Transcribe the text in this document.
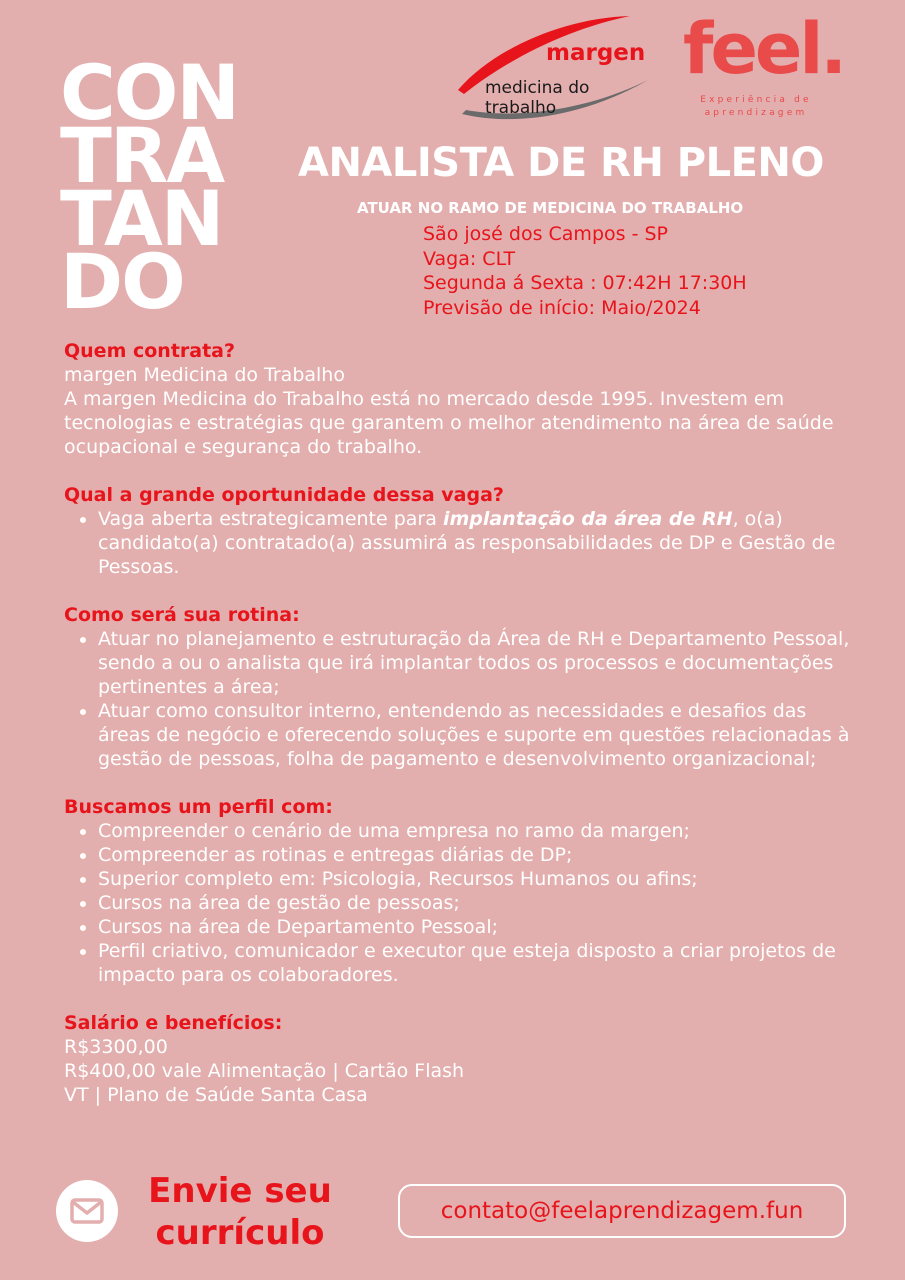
CON
TRA
TAN
DO
margen
medicina do trabalho
feel.
Experiência de aprendizagem
ANALISTA DE RH PLENO
ATUAR NO RAMO DE MEDICINA DO TRABALHO
São josé dos Campos - SP
Vaga: CLT
Segunda á Sexta : 07:42H 17:30H
Previsão de início: Maio/2024
Quem contrata?

margen Medicina do Trabalho

A margen Medicina do Trabalho está no mercado desde 1995. Investem em tecnologias e estratégias que garantem o melhor atendimento na área de saúde ocupacional e segurança do trabalho.

Qual a grande oportunidade dessa vaga?
• Vaga aberta estrategicamente para implantação da área de RH, o(a) candidato(a) contratado(a) assumirá as responsabilidades de DP e Gestão de Pessoas.
Como será sua rotina:
• Atuar no planejamento e estruturação da Área de RH e Departamento Pessoal, sendo a ou o analista que irá implantar todos os processos e documentações pertinentes a área;
• Atuar como consultor interno, entendendo as necessidades e desafios das áreas de negócio e oferecendo soluções e suporte em questões relacionadas à gestão de pessoas, folha de pagamento e desenvolvimento organizacional;
Buscamos um perfil com:
• Compreender o cenário de uma empresa no ramo da margen;
• Compreender as rotinas e entregas diárias de DP;
• Superior completo em: Psicologia, Recursos Humanos ou afins;
• Cursos na área de gestão de pessoas;
• Cursos na área de Departamento Pessoal;
• Perfil criativo, comunicador e executor que esteja disposto a criar projetos de impacto para os colaboradores.
Salário e benefícios:

R$3300,00

R$400,00 vale Alimentação | Cartão Flash

VT | Plano de Saúde Santa Casa

Envie seu
currículo
contato@feelaprendizagem.fun
